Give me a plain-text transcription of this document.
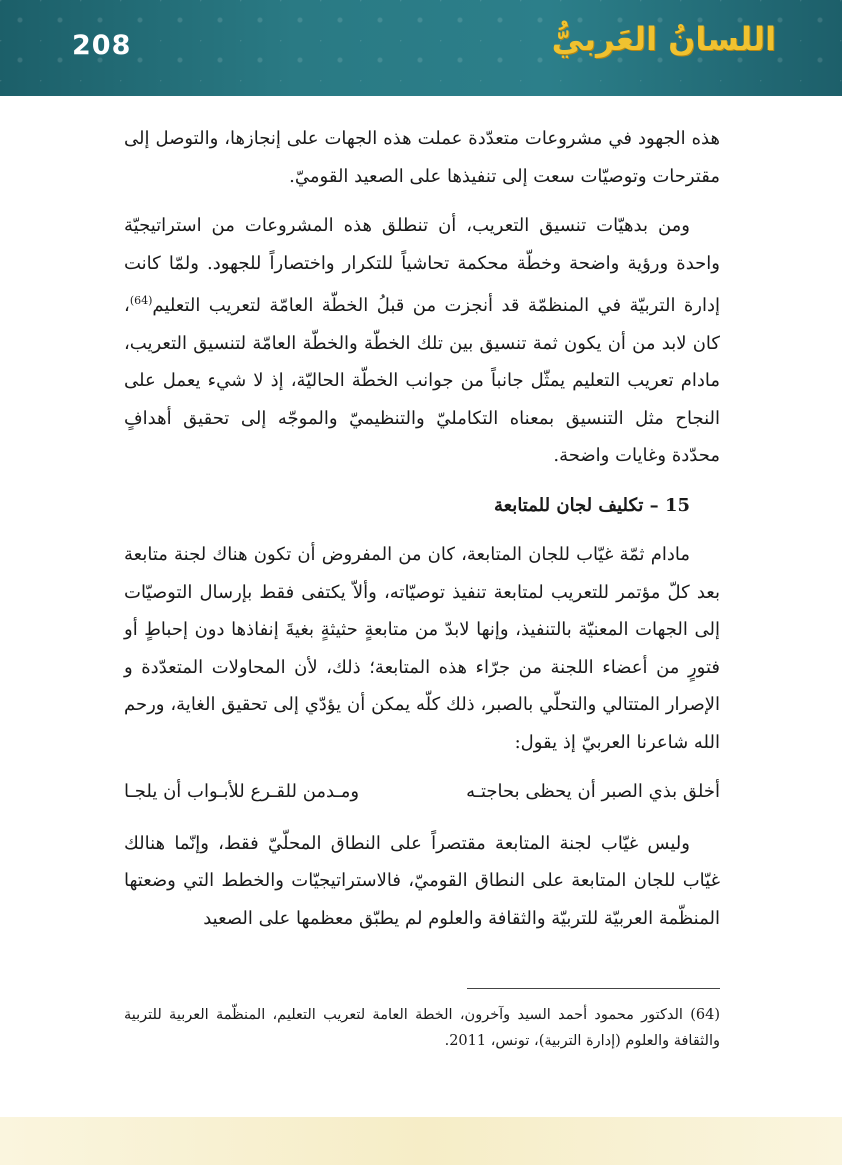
208	اللسانُ العَربيُّ

هذه الجهود في مشروعات متعدّدة عملت هذه الجهات على إنجازها، والتوصل إلى مقترحات وتوصيّات سعت إلى تنفيذها على الصعيد القوميّ.

ومن بدهيّات تنسيق التعريب، أن تنطلق هذه المشروعات من استراتيجيّة واحدة ورؤية واضحة وخطّة محكمة تحاشياً للتكرار واختصاراً للجهود. ولمّا كانت إدارة التربيّة في المنظمّة قد أنجزت من قبلُ الخطّة العامّة لتعريب التعليم$^{(64)}$، كان لابد من أن يكون ثمة تنسيق بين تلك الخطّة والخطّة العامّة لتنسيق التعريب، مادام تعريب التعليم يمثّل جانباً من جوانب الخطّة الحاليّة، إذ لا شيء يعمل على النجاح مثل التنسيق بمعناه التكامليّ والتنظيميّ والموجّه إلى تحقيق أهدافٍ محدّدة وغايات واضحة.

15 – تكليف لجان للمتابعة

مادام ثمّة غيّاب للجان المتابعة، كان من المفروض أن تكون هناك لجنة متابعة بعد كلّ مؤتمر للتعريب لمتابعة تنفيذ توصيّاته، وألاّ يكتفى فقط بإرسال التوصيّات إلى الجهات المعنيّة بالتنفيذ، وإنها لابدّ من متابعةٍ حثيثةٍ بغيةَ إنفاذها دون إحباطٍ أو فتورٍ من أعضاء اللجنة من جرّاء هذه المتابعة؛ ذلك، لأن المحاولات المتعدّدة و الإصرار المتتالي والتحلّي بالصبر، ذلك كلّه يمكن أن يؤدّي إلى تحقيق الغاية، ورحم الله شاعرنا العربيّ إذ يقول:

أخلق بذي الصبر أن يحظى بحاجتـه
ومـدمن للقـرع للأبـواب أن يلجـا

وليس غيّاب لجنة المتابعة مقتصراً على النطاق المحلّيّ فقط، وإنّما هنالك غيّاب للجان المتابعة على النطاق القوميّ، فالاستراتيجيّات والخطط التي وضعتها المنظّمة العربيّة للتربيّة والثقافة والعلوم لم يطبّق معظمها على الصعيد

(64) الدكتور محمود أحمد السيد وآخرون، الخطة العامة لتعريب التعليم، المنظّمة العربية للتربية والثقافة والعلوم (إدارة التربية)، تونس، 2011.
